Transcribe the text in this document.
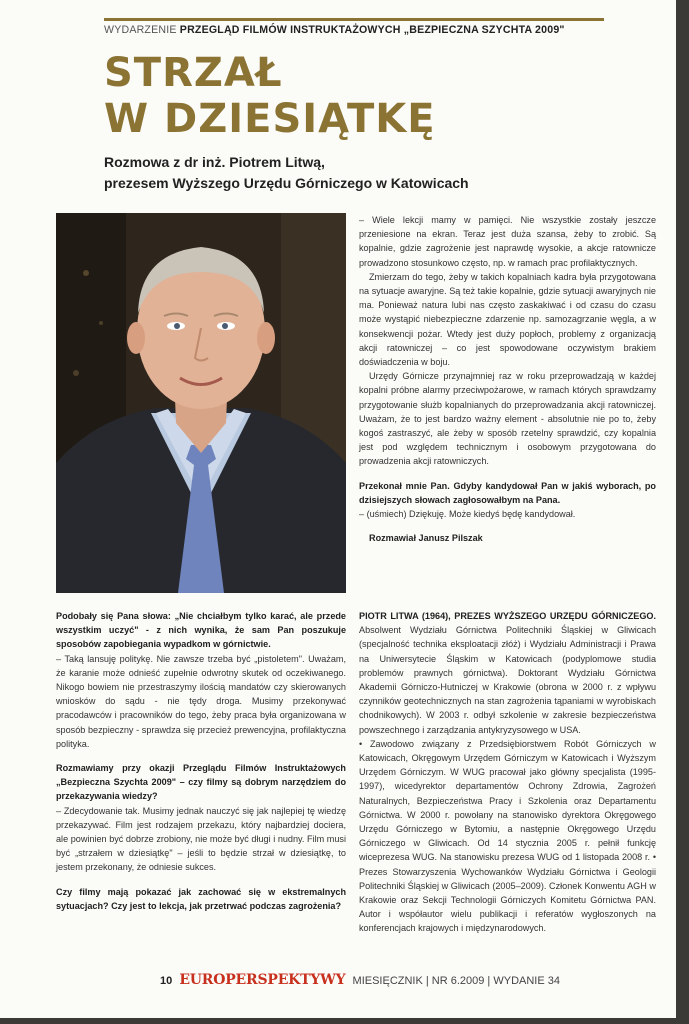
WYDARZENIE PRZEGLĄD FILMÓW INSTRUKTAŻOWYCH „BEZPIECZNA SZYCHTA 2009"
STRZAŁ
W DZIESIĄTKĘ
Rozmowa z dr inż. Piotrem Litwą,
prezesem Wyższego Urzędu Górniczego w Katowicach

– Wiele lekcji mamy w pamięci. Nie wszystkie zostały jeszcze przeniesione na ekran. Teraz jest duża szansa, żeby to zrobić. Są kopalnie, gdzie zagrożenie jest naprawdę wysokie, a akcje ratownicze prowadzono stosunkowo często, np. w ramach prac profilaktycznych.

Zmierzam do tego, żeby w takich kopalniach kadra była przygotowana na sytuacje awaryjne. Są też takie kopalnie, gdzie sytuacji awaryjnych nie ma. Ponieważ natura lubi nas często zaskakiwać i od czasu do czasu może wystąpić niebezpieczne zdarzenie np. samozagrzanie węgla, a w konsekwencji pożar. Wtedy jest duży popłoch, problemy z organizacją akcji ratowniczej – co jest spowodowane oczywistym brakiem doświadczenia w boju.

Urzędy Górnicze przynajmniej raz w roku przeprowadzają w każdej kopalni próbne alarmy przeciwpożarowe, w ramach których sprawdzamy przygotowanie służb kopalnianych do przeprowadzania akcji ratowniczej. Uważam, że to jest bardzo ważny element - absolutnie nie po to, żeby kogoś zastraszyć, ale żeby w sposób rzetelny sprawdzić, czy kopalnia jest pod względem technicznym i osobowym przygotowana do prowadzenia akcji ratowniczych.

Przekonał mnie Pan. Gdyby kandydował Pan w jakiś wyborach, po dzisiejszych słowach zagłosowałbym na Pana.

– (uśmiech) Dziękuję. Może kiedyś będę kandydował.

Rozmawiał Janusz Pilszak

Podobały się Pana słowa: „Nie chciałbym tylko karać, ale przede wszystkim uczyć" - z nich wynika, że sam Pan poszukuje sposobów zapobiegania wypadkom w górnictwie.

– Taką lansuję politykę. Nie zawsze trzeba być „pistoletem". Uważam, że karanie może odnieść zupełnie odwrotny skutek od oczekiwanego. Nikogo bowiem nie przestraszymy ilością mandatów czy skierowanych wniosków do sądu - nie tędy droga. Musimy przekonywać pracodawców i pracowników do tego, żeby praca była organizowana w sposób bezpieczny - sprawdza się przecież prewencyjna, profilaktyczna polityka.

Rozmawiamy przy okazji Przeglądu Filmów Instruktażowych „Bezpieczna Szychta 2009" – czy filmy są dobrym narzędziem do przekazywania wiedzy?

– Zdecydowanie tak. Musimy jednak nauczyć się jak najlepiej tę wiedzę przekazywać. Film jest rodzajem przekazu, który najbardziej dociera, ale powinien być dobrze zrobiony, nie może być długi i nudny. Film musi być „strzałem w dziesiątkę" – jeśli to będzie strzał w dziesiątkę, to jestem przekonany, że odniesie sukces.

Czy filmy mają pokazać jak zachować się w ekstremalnych sytuacjach? Czy jest to lekcja, jak przetrwać podczas zagrożenia?

PIOTR LITWA (1964), PREZES WYŻSZEGO URZĘDU GÓRNICZEGO. Absolwent Wydziału Górnictwa Politechniki Śląskiej w Gliwicach (specjalność technika eksploatacji złóż) i Wydziału Administracji i Prawa na Uniwersytecie Śląskim w Katowicach (podyplomowe studia problemów prawnych górnictwa). Doktorant Wydziału Górnictwa Akademii Górniczo-Hutniczej w Krakowie (obrona w 2000 r. z wpływu czynników geotechnicznych na stan zagrożenia tąpaniami w wyrobiskach chodnikowych). W 2003 r. odbył szkolenie w zakresie bezpieczeństwa powszechnego i zarządzania antykryzysowego w USA.

• Zawodowo związany z Przedsiębiorstwem Robót Górniczych w Katowicach, Okręgowym Urzędem Górniczym w Katowicach i Wyższym Urzędem Górniczym. W WUG pracował jako główny specjalista (1995-1997), wicedyrektor departamentów Ochrony Zdrowia, Zagrożeń Naturalnych, Bezpieczeństwa Pracy i Szkolenia oraz Departamentu Górnictwa. W 2000 r. powołany na stanowisko dyrektora Okręgowego Urzędu Górniczego w Bytomiu, a następnie Okręgowego Urzędu Górniczego w Gliwicach. Od 14 stycznia 2005 r. pełnił funkcję wiceprezesa WUG. Na stanowisku prezesa WUG od 1 listopada 2008 r. • Prezes Stowarzyszenia Wychowanków Wydziału Górnictwa i Geologii Politechniki Śląskiej w Gliwicach (2005–2009). Członek Konwentu AGH w Krakowie oraz Sekcji Technologii Górniczych Komitetu Górnictwa PAN. Autor i współautor wielu publikacji i referatów wygłoszonych na konferencjach krajowych i międzynarodowych.

10 EUROPERSPEKTYWY MIESIĘCZNIK | NR 6.2009 | WYDANIE 34
